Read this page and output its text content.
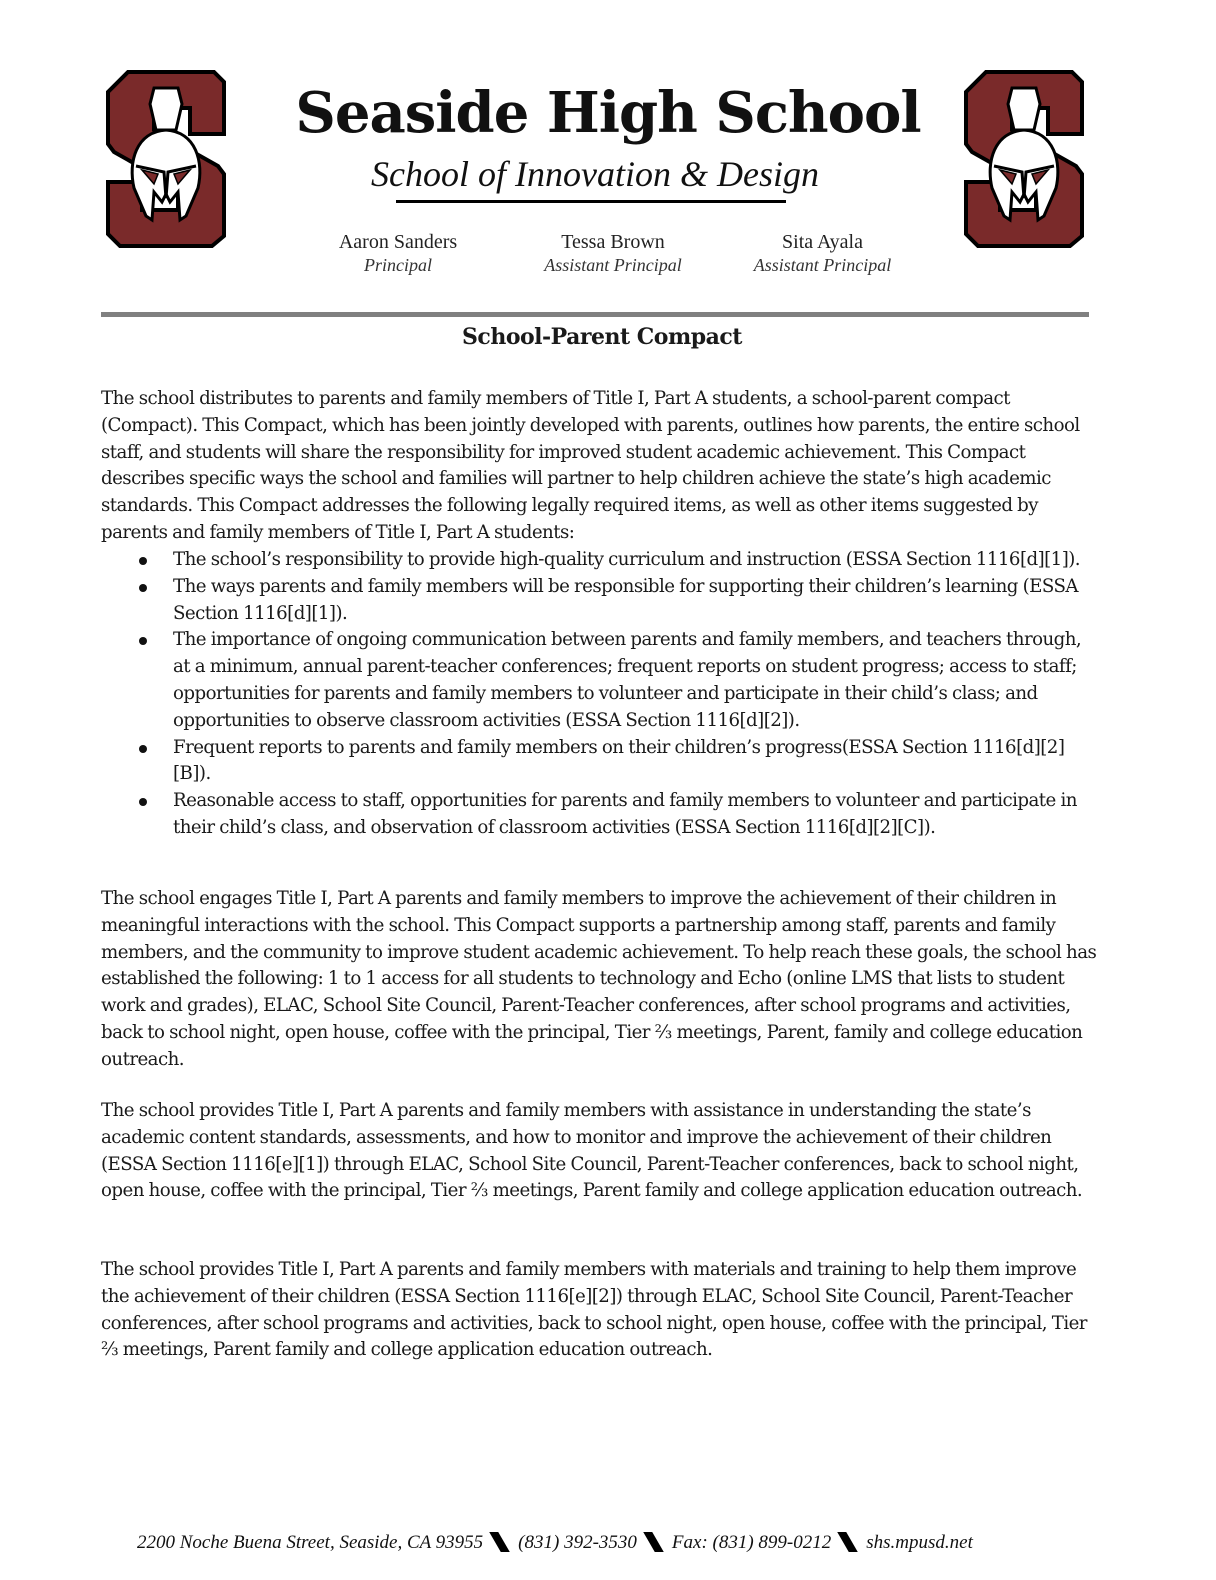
Seaside High School
School of Innovation & Design
Aaron Sanders
Principal
Tessa Brown
Assistant Principal
Sita Ayala
Assistant Principal
School-Parent Compact

The school distributes to parents and family members of Title I, Part A students, a school-parent compact (Compact). This Compact, which has been jointly developed with parents, outlines how parents, the entire school staff, and students will share the responsibility for improved student academic achievement. This Compact describes specific ways the school and families will partner to help children achieve the state’s high academic standards. This Compact addresses the following legally required items, as well as other items suggested by parents and family members of Title I, Part A students:

The school’s responsibility to provide high-quality curriculum and instruction (ESSA Section 1116[d][1]).
The ways parents and family members will be responsible for supporting their children’s learning (ESSA Section 1116[d][1]).
The importance of ongoing communication between parents and family members, and teachers through, at a minimum, annual parent-teacher conferences; frequent reports on student progress; access to staff; opportunities for parents and family members to volunteer and participate in their child’s class; and opportunities to observe classroom activities (ESSA Section 1116[d][2]).
Frequent reports to parents and family members on their children’s progress(ESSA Section 1116[d][2][B]).
Reasonable access to staff, opportunities for parents and family members to volunteer and participate in their child’s class, and observation of classroom activities (ESSA Section 1116[d][2][C]).

The school engages Title I, Part A parents and family members to improve the achievement of their children in meaningful interactions with the school. This Compact supports a partnership among staff, parents and family members, and the community to improve student academic achievement. To help reach these goals, the school has established the following: 1 to 1 access for all students to technology and Echo (online LMS that lists to student work and grades), ELAC, School Site Council, Parent-Teacher conferences, after school programs and activities, back to school night, open house, coffee with the principal, Tier ⅔ meetings, Parent, family and college education outreach.

The school provides Title I, Part A parents and family members with assistance in understanding the state’s academic content standards, assessments, and how to monitor and improve the achievement of their children (ESSA Section 1116[e][1]) through ELAC, School Site Council, Parent-Teacher conferences, back to school night, open house, coffee with the principal, Tier ⅔ meetings, Parent family and college application education outreach.

The school provides Title I, Part A parents and family members with materials and training to help them improve the achievement of their children (ESSA Section 1116[e][2]) through ELAC, School Site Council, Parent-Teacher conferences, after school programs and activities, back to school night, open house, coffee with the principal, Tier ⅔ meetings, Parent family and college application education outreach.

2200 Noche Buena Street, Seaside, CA 93955 (831) 392-3530 Fax: (831) 899-0212 shs.mpusd.net
